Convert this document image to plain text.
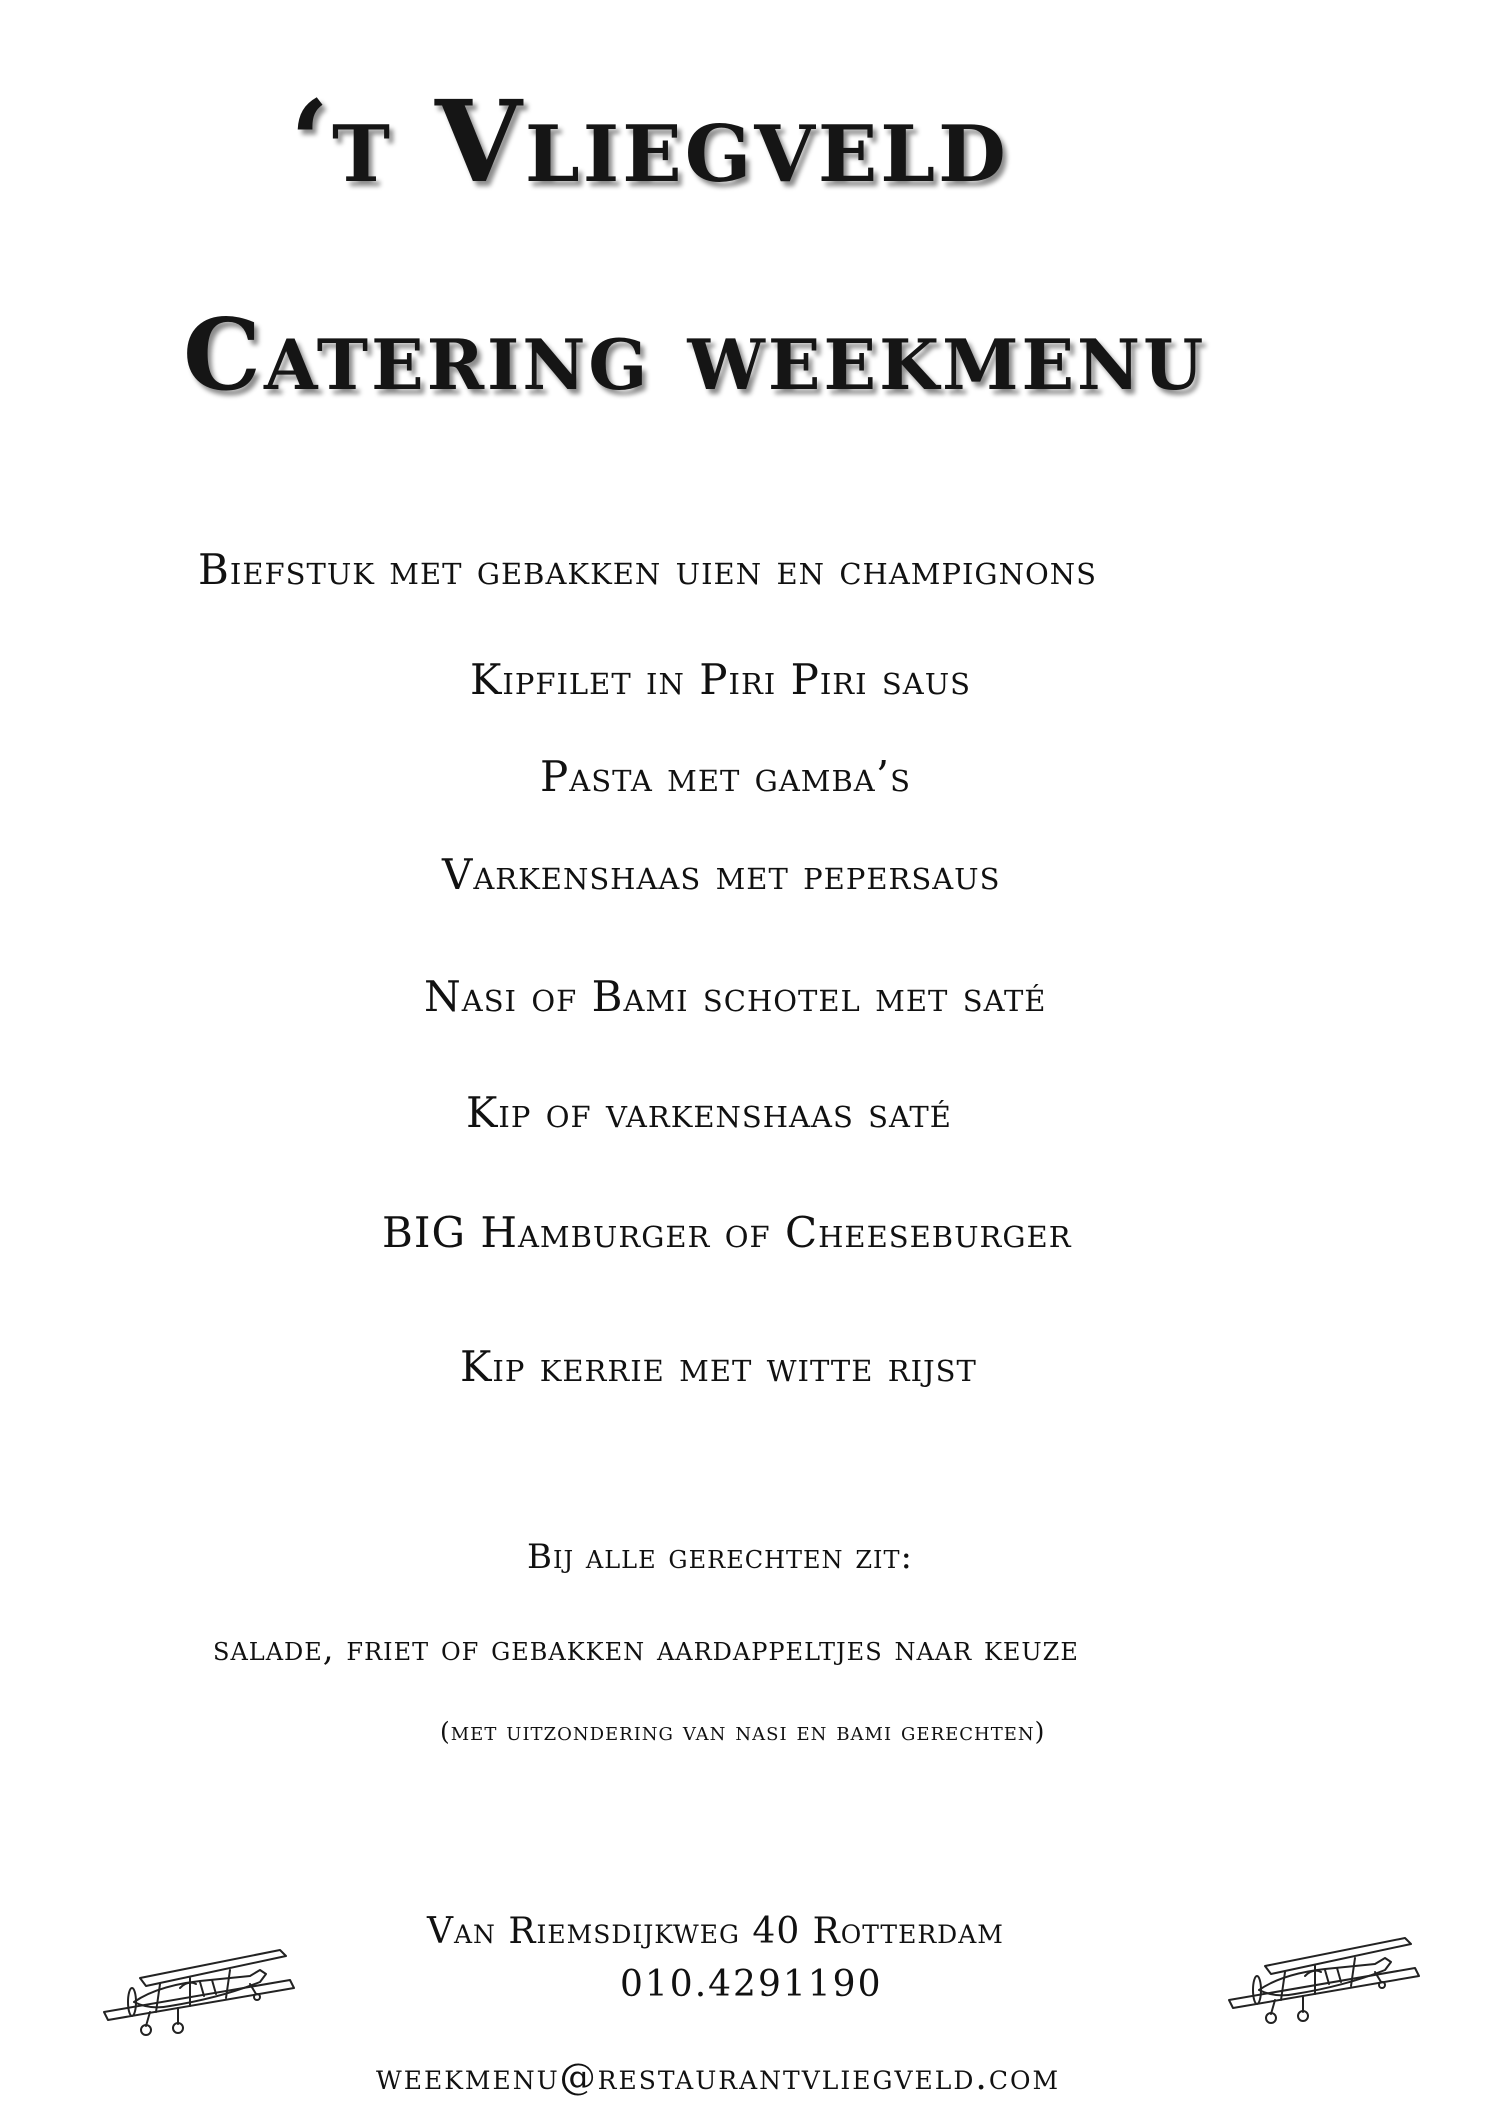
‘t Vliegveld
Catering weekmenu
Biefstuk met gebakken uien en champignons
Kipfilet in Piri Piri saus
Pasta met gamba’s
Varkenshaas met pepersaus
Nasi of Bami schotel met saté
Kip of varkenshaas saté
BIG Hamburger of Cheeseburger
Kip kerrie met witte rijst
Bij alle gerechten zit:
salade, friet of gebakken aardappeltjes naar keuze
(met uitzondering van nasi en bami gerechten)
Van Riemsdijkweg 40 Rotterdam
010.4291190
weekmenu@restaurantvliegveld.com
